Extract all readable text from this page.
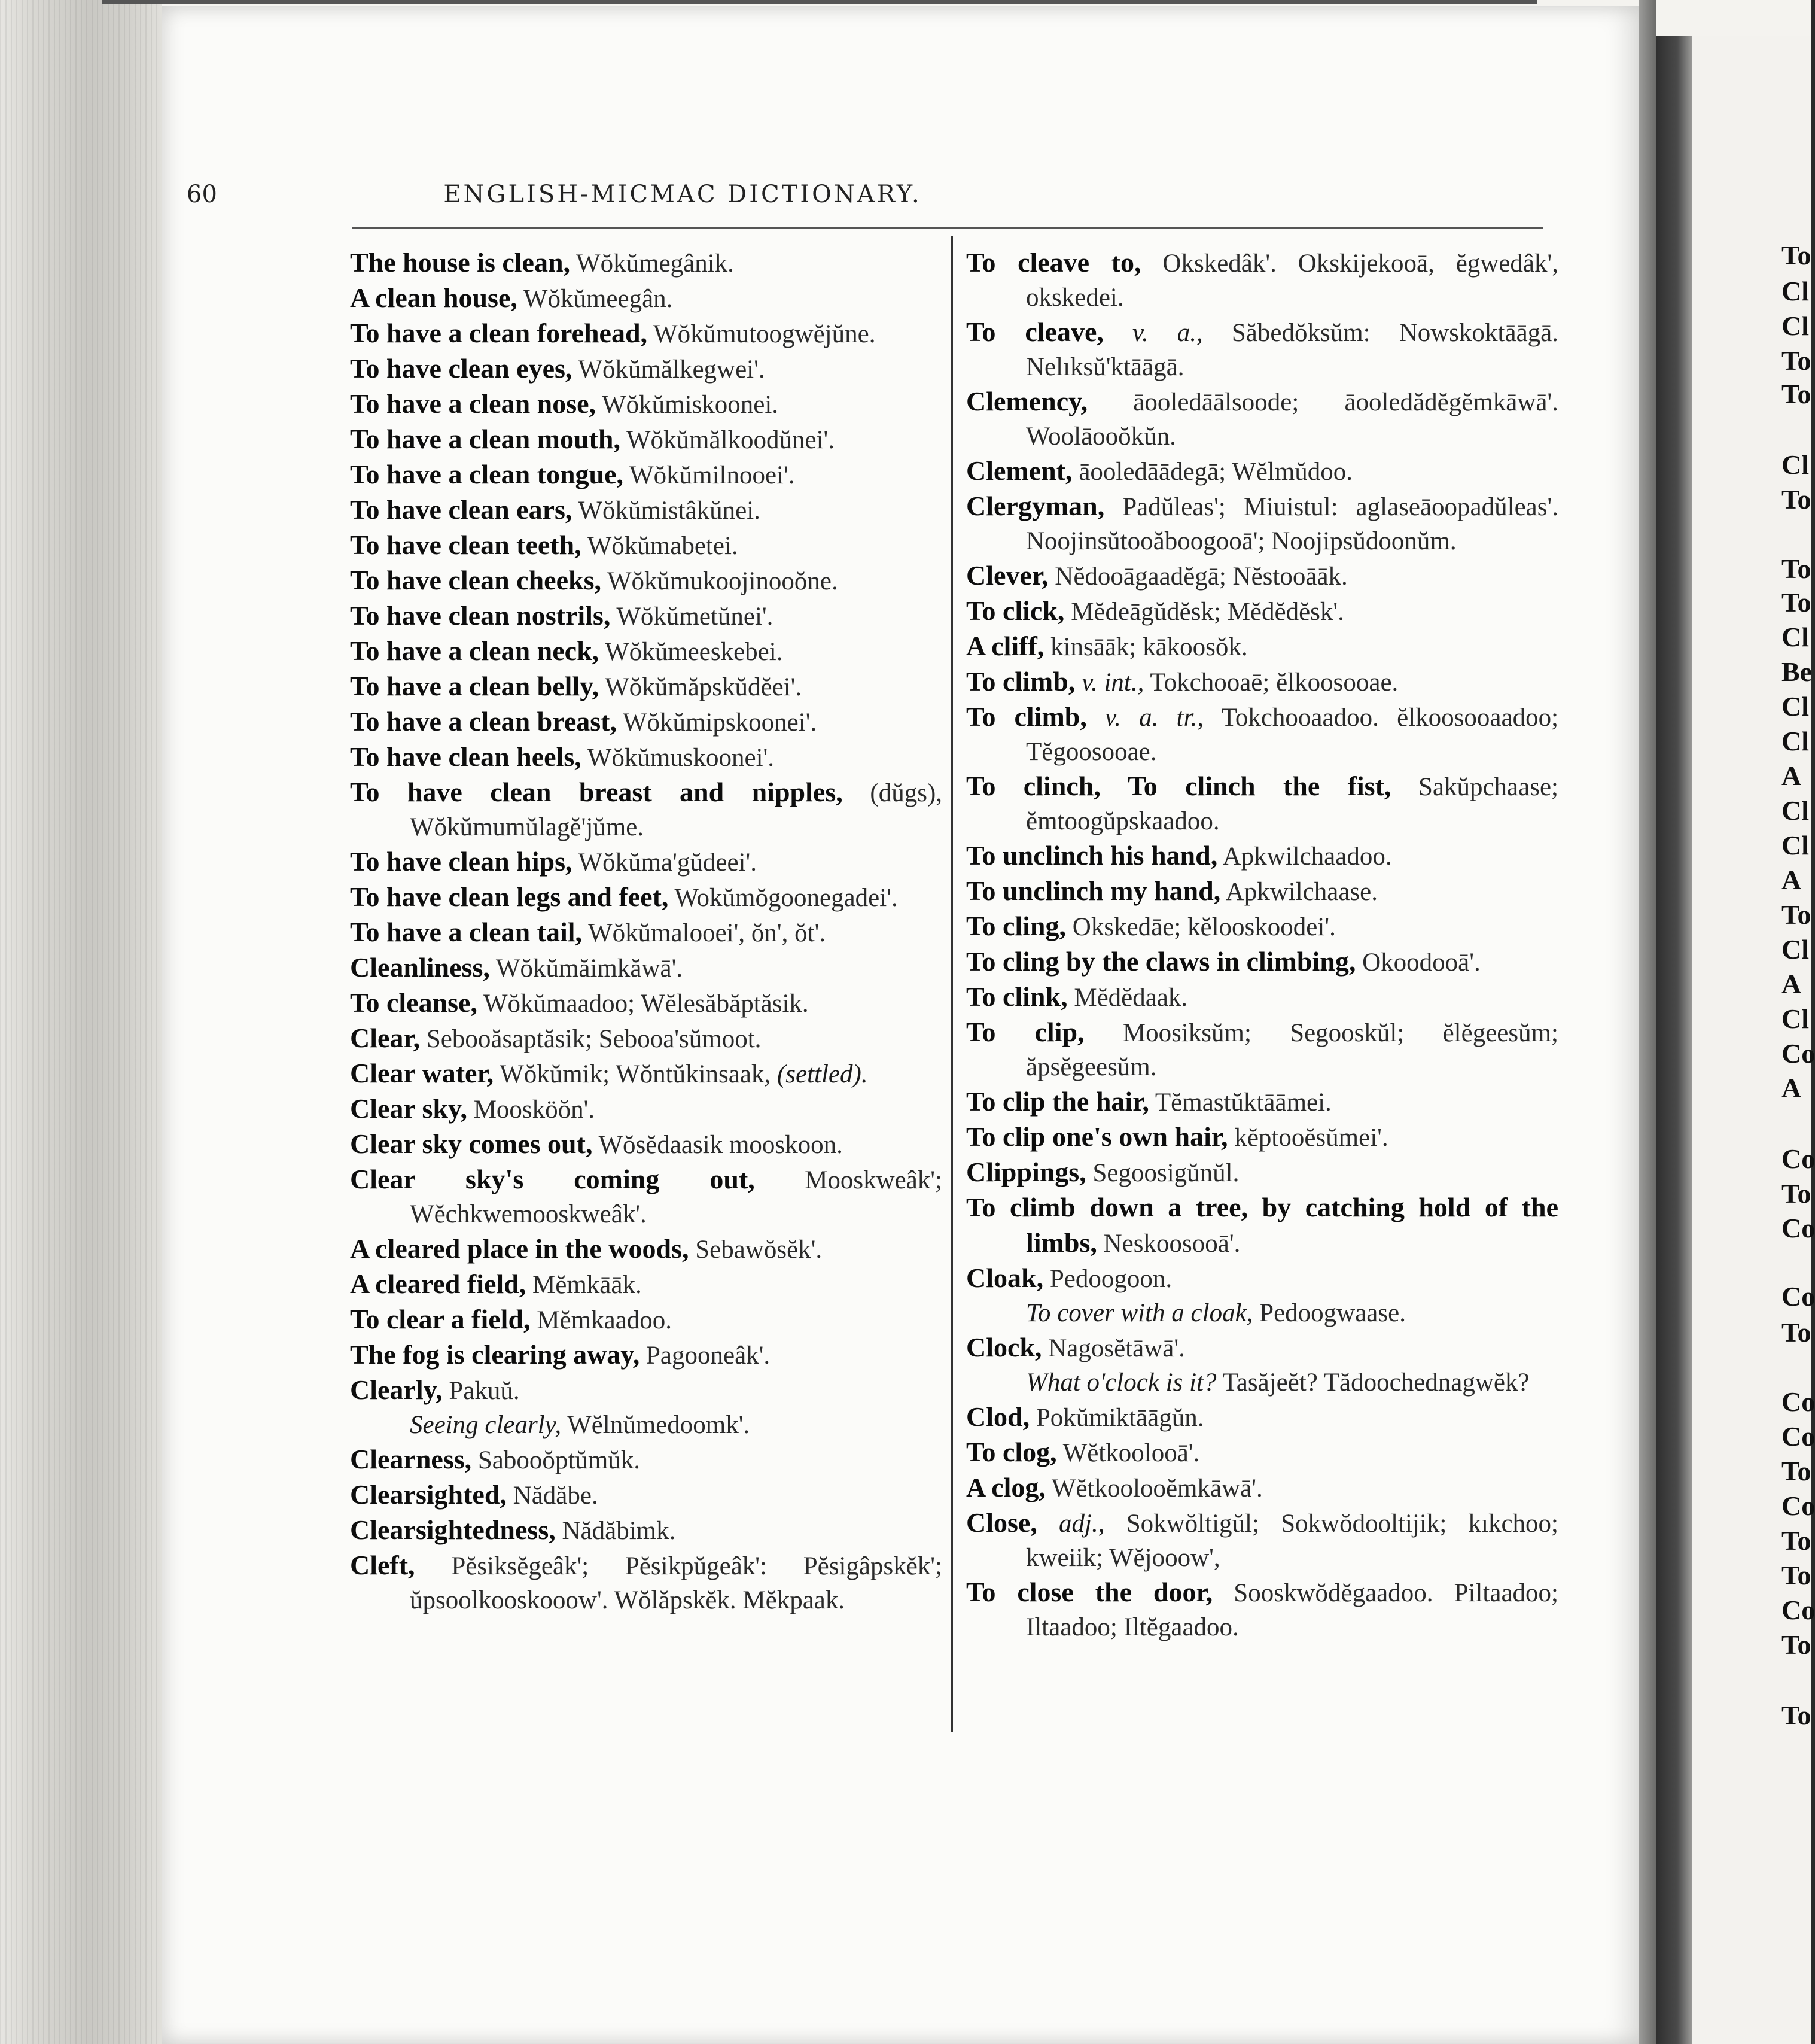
To

Cl

Cl

To

To

Cl

To

To

To

Cl

Be

Cl

Cl

A

Cl

Cl

A

To

Cl

A

Cl

Co

A

Co

To

Co

Co

To

Co

Co

To

Co

To

To

Co

To

To

60	ENGLISH-MICMAC DICTIONARY.
The house is clean, Wŏkŭmegânik.
A clean house, Wŏkŭmeegân.
To have a clean forehead, Wŏkŭmutoogwĕjŭne.
To have clean eyes, Wŏkŭmălkegwei'.
To have a clean nose, Wŏkŭmiskoonei.
To have a clean mouth, Wŏkŭmălkoodŭnei'.
To have a clean tongue, Wŏkŭmilnooei'.
To have clean ears, Wŏkŭmistâkŭnei.
To have clean teeth, Wŏkŭmabetei.
To have clean cheeks, Wŏkŭmukoojinooŏne.
To have clean nostrils, Wŏkŭmetŭnei'.
To have a clean neck, Wŏkŭmeeskebei.
To have a clean belly, Wŏkŭmăpskŭdĕei'.
To have a clean breast, Wŏkŭmipskoonei'.
To have clean heels, Wŏkŭmuskoonei'.
To have clean breast and nipples, (dŭgs), Wŏkŭmumŭlagĕ'jŭme.
To have clean hips, Wŏkŭma'gŭdeei'.
To have clean legs and feet, Wokŭmŏgoonegadei'.
To have a clean tail, Wŏkŭmalooei', ŏn', ŏt'.
Cleanliness, Wŏkŭmăimkăwā'.
To cleanse, Wŏkŭmaadoo; Wĕlesăbăptăsik.
Clear, Sebooăsaptăsik; Sebooa'sŭmoot.
Clear water, Wŏkŭmik; Wŏntŭkinsaak, (settled).
Clear sky, Moosköŏn'.
Clear sky comes out, Wŏsĕdaasik mooskoon.
Clear sky's coming out, Mooskweâk'; Wĕchkwemooskweâk'.
A cleared place in the woods, Sebawŏsĕk'.
A cleared field, Mĕmkāāk.
To clear a field, Mĕmkaadoo.
The fog is clearing away, Pagooneâk'.
Clearly, Pakuŭ.
Seeing clearly, Wĕlnŭmedoomk'.
Clearness, Sabooŏptŭmŭk.
Clearsighted, Nădăbe.
Clearsightedness, Nădăbimk.
Cleft, Pĕsiksĕgeâk'; Pĕsikpŭgeâk': Pĕsigâpskĕk'; ŭpsoolkooskooow'. Wŏlăpskĕk. Mĕkpaak.
To cleave to, Okskedâk'. Okskijekooā, ĕgwedâk', okskedei.
To cleave, v. a., Săbedŏksŭm: Nowskoktāāgā. Nelıksŭ'ktāāgā.
Clemency, āooledāālsoode; āooledădĕgĕmkāwā'. Woolāooŏkŭn.
Clement, āooledāādegā; Wĕlmŭdoo.
Clergyman, Padŭleas'; Miuistul: aglaseāoopadŭleas'. Noojinsŭtooăboogooā'; Noojipsŭdoonŭm.
Clever, Nĕdooāgaadĕgā; Nĕstooāāk.
To click, Mĕdeāgŭdĕsk; Mĕdĕdĕsk'.
A cliff, kinsāāk; kākoosŏk.
To climb, v. int., Tokchooaē; ĕlkoosooae.
To climb, v. a. tr., Tokchooaadoo. ĕlkoosooaadoo; Tĕgoosooae.
To clinch, To clinch the fist, Sakŭpchaase; ĕmtoogŭpskaadoo.
To unclinch his hand, Apkwilchaadoo.
To unclinch my hand, Apkwilchaase.
To cling, Okskedāe; kĕlooskoodei'.
To cling by the claws in climbing, Okoodooā'.
To clink, Mĕdĕdaak.
To clip, Moosiksŭm; Segooskŭl; ĕlĕgeesŭm; ăpsĕgeesŭm.
To clip the hair, Tĕmastŭktāāmei.
To clip one's own hair, kĕptooĕsŭmei'.
Clippings, Segoosigŭnŭl.
To climb down a tree, by catching hold of the limbs, Neskoosooā'.
Cloak, Pedoogoon.
To cover with a cloak, Pedoogwaase.
Clock, Nagosĕtāwā'.
What o'clock is it? Tasăjeĕt? Tădoochednagwĕk?
Clod, Pokŭmiktāāgŭn.
To clog, Wĕtkoolooā'.
A clog, Wĕtkoolooĕmkāwā'.
Close, adj., Sokwŏltigŭl; Sokwŏdooltijik; kıkchoo; kweiik; Wĕjooow',
To close the door, Sooskwŏdĕgaadoo. Piltaadoo; Iltaadoo; Iltĕgaadoo.
